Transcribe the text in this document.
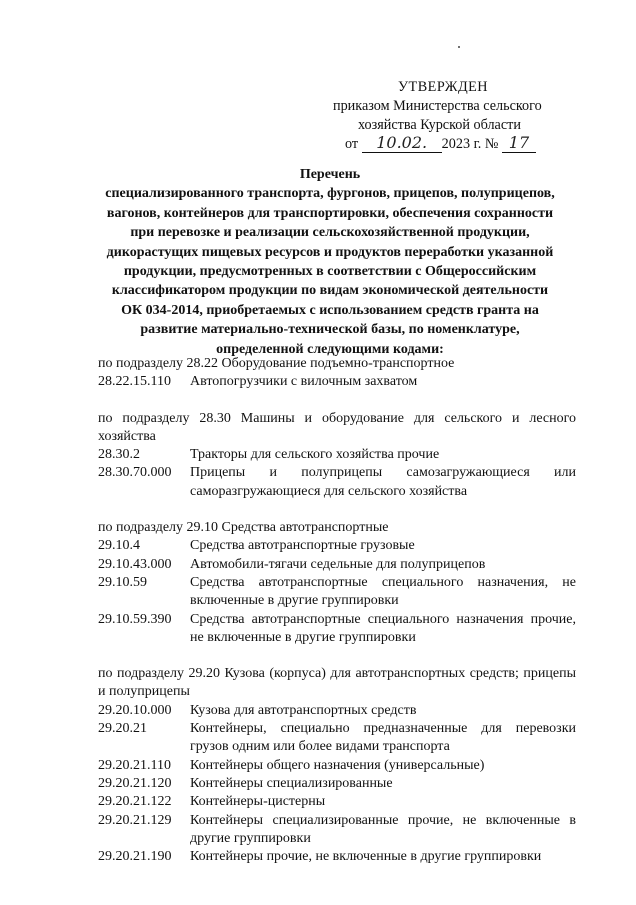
УТВЕРЖДЕН
приказом Министерства сельского
хозяйства Курской области
от 10.02. 2023 г. № 17
Перечень
специализированного транспорта, фургонов, прицепов, полуприцепов,
вагонов, контейнеров для транспортировки, обеспечения сохранности
при перевозке и реализации сельскохозяйственной продукции,
дикорастущих пищевых ресурсов и продуктов переработки указанной
продукции, предусмотренных в соответствии с Общероссийским
классификатором продукции по видам экономической деятельности
ОК 034-2014, приобретаемых с использованием средств гранта на
развитие материально-технической базы, по номенклатуре,
определенной следующими кодами:
по подразделу 28.22 Оборудование подъемно-транспортное
28.22.15.110	Автопогрузчики с вилочным захватом
по подразделу 28.30 Машины и оборудование для сельского и лесного хозяйства
28.30.2	Тракторы для сельского хозяйства прочие
28.30.70.000	Прицепы и полуприцепы самозагружающиеся или саморазгружающиеся для сельского хозяйства
по подразделу 29.10 Средства автотранспортные
29.10.4	Средства автотранспортные грузовые
29.10.43.000	Автомобили-тягачи седельные для полуприцепов
29.10.59	Средства автотранспортные специального назначения, не включенные в другие группировки
29.10.59.390	Средства автотранспортные специального назначения прочие, не включенные в другие группировки
по подразделу 29.20 Кузова (корпуса) для автотранспортных средств; прицепы и полуприцепы
29.20.10.000	Кузова для автотранспортных средств
29.20.21	Контейнеры, специально предназначенные для перевозки грузов одним или более видами транспорта
29.20.21.110	Контейнеры общего назначения (универсальные)
29.20.21.120	Контейнеры специализированные
29.20.21.122	Контейнеры-цистерны
29.20.21.129	Контейнеры специализированные прочие, не включенные в другие группировки
29.20.21.190	Контейнеры прочие, не включенные в другие группировки
